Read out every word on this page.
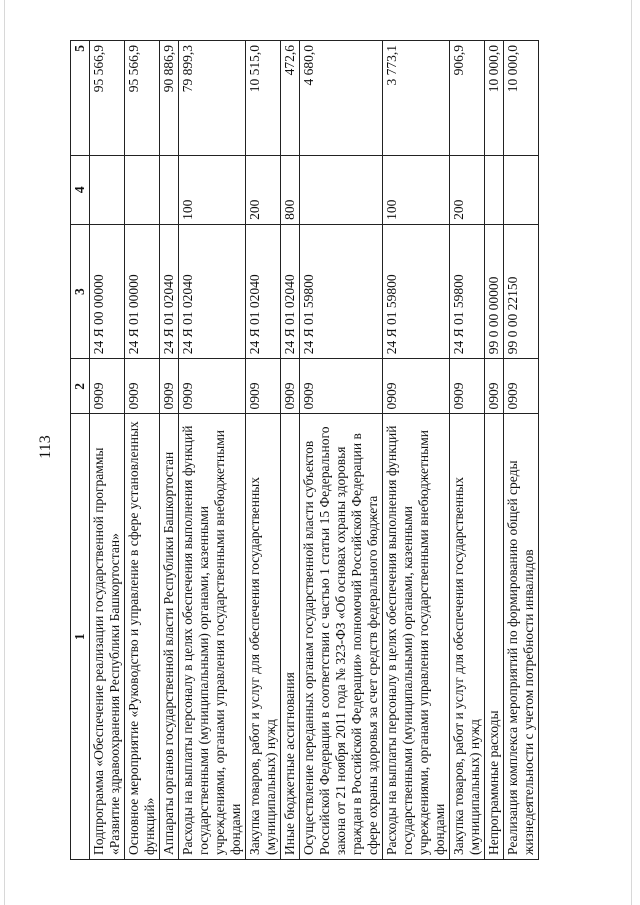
113
1	2	3	4	5
Подпрограмма «Обеспечение реализации государственной программы «Развитие здравоохранения Республики Башкортостан»	0909	24 Я 00 00000		95 566,9
Основное мероприятие «Руководство и управление в сфере установленных функций»	0909	24 Я 01 00000		95 566,9
Аппараты органов государственной власти Республики Башкортостан	0909	24 Я 01 02040		90 886,9
Расходы на выплаты персоналу в целях обеспечения выполнения функций государственными (муниципальными) органами, казенными учреждениями, органами управления государственными внебюджетными фондами	0909	24 Я 01 02040	100	79 899,3
Закупка товаров, работ и услуг для обеспечения государственных (муниципальных) нужд	0909	24 Я 01 02040	200	10 515,0
Иные бюджетные ассигнования	0909	24 Я 01 02040	800	472,6
Осуществление переданных органам государственной власти субъектов Российской Федерации в соответствии с частью 1 статьи 15 Федерального закона от 21 ноября 2011 года № 323-ФЗ «Об основах охраны здоровья граждан в Российской Федерации» полномочий Российской Федерации в сфере охраны здоровья за счет средств федерального бюджета	0909	24 Я 01 59800		4 680,0
Расходы на выплаты персоналу в целях обеспечения выполнения функций государственными (муниципальными) органами, казенными учреждениями, органами управления государственными внебюджетными фондами	0909	24 Я 01 59800	100	3 773,1
Закупка товаров, работ и услуг для обеспечения государственных (муниципальных) нужд	0909	24 Я 01 59800	200	906,9
Непрограммные расходы	0909	99 0 00 00000		10 000,0
Реализация комплекса мероприятий по формированию общей среды жизнедеятельности с учетом потребности инвалидов	0909	99 0 00 22150		10 000,0
